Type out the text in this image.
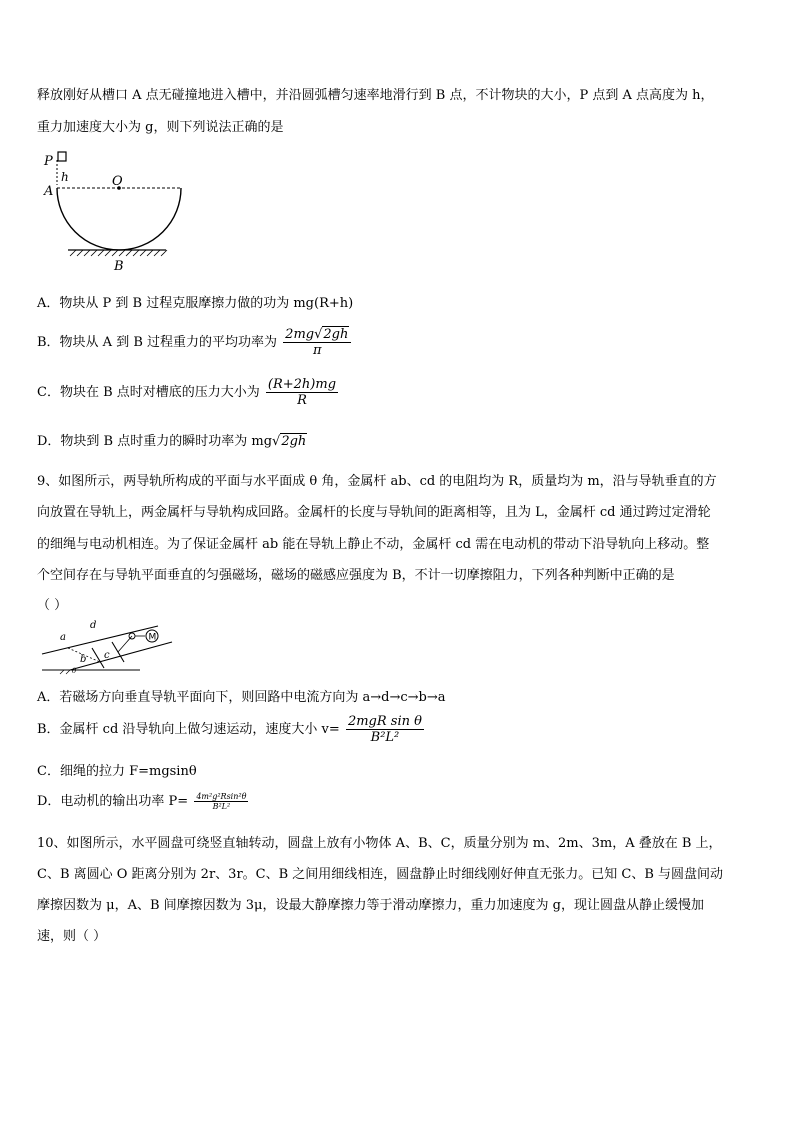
释放刚好从槽口 A 点无碰撞地进入槽中，并沿圆弧槽匀速率地滑行到 B 点，不计物块的大小，P 点到 A 点高度为 h，
重力加速度大小为 g，则下列说法正确的是
P
h
A
O
B
A．物块从 P 到 B 过程克服摩擦力做的功为 mg(R+h)
B．物块从 A 到 B 过程重力的平均功率为 $\frac{2mg√2gh}{\pi}$
C．物块在 B 点时对槽底的压力大小为 $\frac{(R+2h)mg}{R}$
D．物块到 B 点时重力的瞬时功率为 mg√2gh
9、如图所示，两导轨所构成的平面与水平面成 θ 角，金属杆 ab、cd 的电阻均为 R，质量均为 m，沿与导轨垂直的方
向放置在导轨上，两金属杆与导轨构成回路。金属杆的长度与导轨间的距离相等，且为 L，金属杆 cd 通过跨过定滑轮
的细绳与电动机相连。为了保证金属杆 ab 能在导轨上静止不动，金属杆 cd 需在电动机的带动下沿导轨向上移动。整
个空间存在与导轨平面垂直的匀强磁场，磁场的磁感应强度为 B，不计一切摩擦阻力，下列各种判断中正确的是
（ ）
M
a
b c
d
θ
A．若磁场方向垂直导轨平面向下，则回路中电流方向为 a→d→c→b→a
B．金属杆 cd 沿导轨向上做匀速运动，速度大小 $v= \frac{\text{2mgR sin θ}}{\text{B²L²}}$
C．细绳的拉力 F=mgsinθ
D．电动机的输出功率 $P= \frac{\text{4m²g²Rsin²θ}}{\text{B²L²}}$
10、如图所示，水平圆盘可绕竖直轴转动，圆盘上放有小物体 A、B、C，质量分别为 m、2m、3m，A 叠放在 B 上，
C、B 离圆心 O 距离分别为 2r、3r。C、B 之间用细线相连，圆盘静止时细线刚好伸直无张力。已知 C、B 与圆盘间动
摩擦因数为 μ，A、B 间摩擦因数为 3μ，设最大静摩擦力等于滑动摩擦力，重力加速度为 g，现让圆盘从静止缓慢加
速，则（ ）
